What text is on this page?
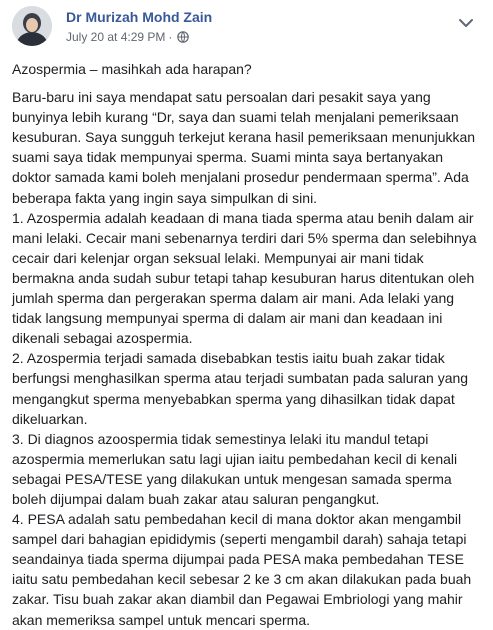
Dr Murizah Mohd Zain
July 20 at 4:29 PM ·

Azospermia – masihkah ada harapan?

Baru-baru ini saya mendapat satu persoalan dari pesakit saya yang bunyinya lebih kurang “Dr, saya dan suami telah menjalani pemeriksaan kesuburan. Saya sungguh terkejut kerana hasil pemeriksaan menunjukkan suami saya tidak mempunyai sperma. Suami minta saya bertanyakan doktor samada kami boleh menjalani prosedur pendermaan sperma”. Ada beberapa fakta yang ingin saya simpulkan di sini.

1. Azospermia adalah keadaan di mana tiada sperma atau benih dalam air mani lelaki. Cecair mani sebenarnya terdiri dari 5% sperma dan selebihnya cecair dari kelenjar organ seksual lelaki. Mempunyai air mani tidak bermakna anda sudah subur tetapi tahap kesuburan harus ditentukan oleh jumlah sperma dan pergerakan sperma dalam air mani. Ada lelaki yang tidak langsung mempunyai sperma di dalam air mani dan keadaan ini dikenali sebagai azospermia.

2. Azospermia terjadi samada disebabkan testis iaitu buah zakar tidak berfungsi menghasilkan sperma atau terjadi sumbatan pada saluran yang mengangkut sperma menyebabkan sperma yang dihasilkan tidak dapat dikeluarkan.

3. Di diagnos azoospermia tidak semestinya lelaki itu mandul tetapi azospermia memerlukan satu lagi ujian iaitu pembedahan kecil di kenali sebagai PESA/TESE yang dilakukan untuk mengesan samada sperma boleh dijumpai dalam buah zakar atau saluran pengangkut.

4. PESA adalah satu pembedahan kecil di mana doktor akan mengambil sampel dari bahagian epididymis (seperti mengambil darah) sahaja tetapi seandainya tiada sperma dijumpai pada PESA maka pembedahan TESE iaitu satu pembedahan kecil sebesar 2 ke 3 cm akan dilakukan pada buah zakar. Tisu buah zakar akan diambil dan Pegawai Embriologi yang mahir akan memeriksa sampel untuk mencari sperma.
